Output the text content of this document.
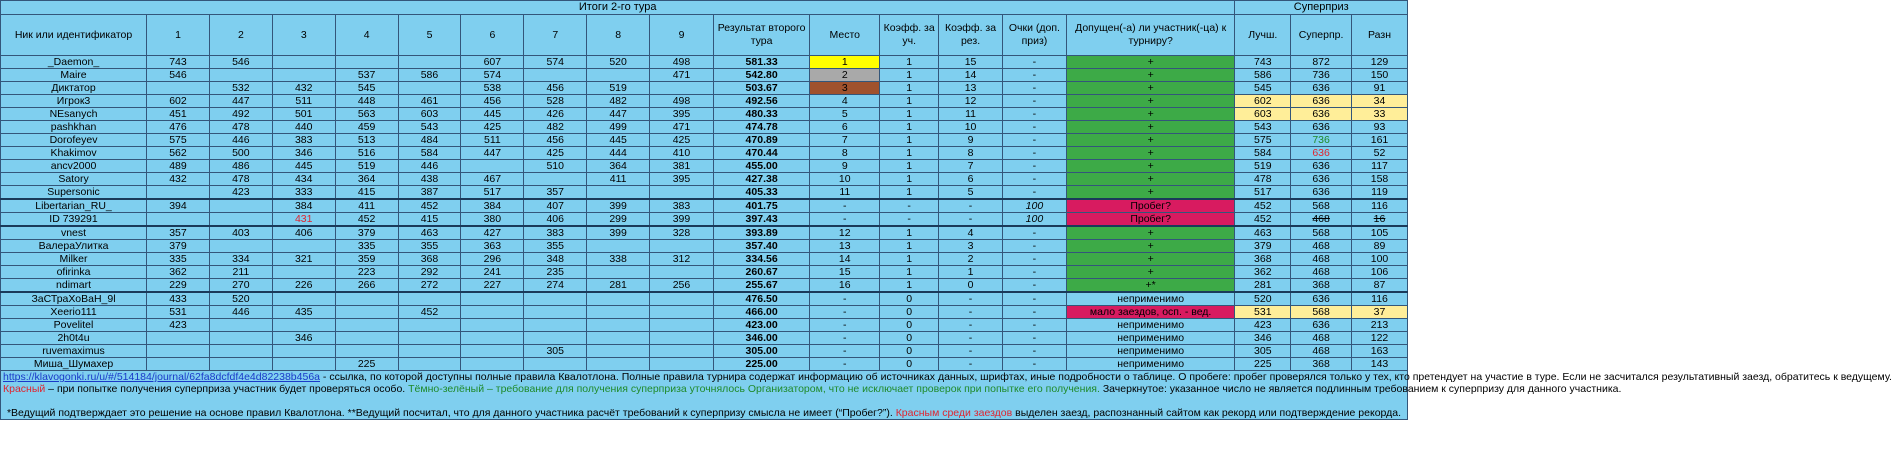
Итоги 2-го тура																Суперприз		
Ник или идентификатор	1	2	3	4	5	6	7	8	9	Результат второго тура	Место	Коэфф. за уч.	Коэфф. за рез.	Очки (доп. приз)	Допущен(-а) ли участник(-ца) к турниру?	Лучш.	Суперпр.	Разн
_Daemon_	743	546				607	574	520	498	581.33	1	1	15	-	+	743	872	129
Maire	546			537	586	574			471	542.80	2	1	14	-	+	586	736	150
Диктатор		532	432	545		538	456	519		503.67	3	1	13	-	+	545	636	91
Игрок3	602	447	511	448	461	456	528	482	498	492.56	4	1	12	-	+	602	636	34
NEsanych	451	492	501	563	603	445	426	447	395	480.33	5	1	11	-	+	603	636	33
pashkhan	476	478	440	459	543	425	482	499	471	474.78	6	1	10	-	+	543	636	93
Dorofeyev	575	446	383	513	484	511	456	445	425	470.89	7	1	9	-	+	575	736	161
Khakimov	562	500	346	516	584	447	425	444	410	470.44	8	1	8	-	+	584	636	52
ancv2000	489	486	445	519	446		510	364	381	455.00	9	1	7	-	+	519	636	117
Satory	432	478	434	364	438	467		411	395	427.38	10	1	6	-	+	478	636	158
Supersonic		423	333	415	387	517	357			405.33	11	1	5	-	+	517	636	119
Libertarian_RU_	394		384	411	452	384	407	399	383	401.75	-	-	-	100	Пробег?	452	568	116
ID 739291			431	452	415	380	406	299	399	397.43	-	-	-	100	Пробег?	452	468	16
vnest	357	403	406	379	463	427	383	399	328	393.89	12	1	4	-	+	463	568	105
ВалераУлитка	379			335	355	363	355			357.40	13	1	3	-	+	379	468	89
Milker	335	334	321	359	368	296	348	338	312	334.56	14	1	2	-	+	368	468	100
ofirinka	362	211		223	292	241	235			260.67	15	1	1	-	+	362	468	106
ndimart	229	270	226	266	272	227	274	281	256	255.67	16	1	0	-	+*	281	368	87
ЗаСТраХоВаН_9l	433	520								476.50	-	0	-	-	неприменимо	520	636	116
Xeerio111	531	446	435		452					466.00	-	0	-	-	мало заездов, осп. - вед.	531	568	37
Povelitel	423									423.00	-	0	-	-	неприменимо	423	636	213
2h0t4u			346							346.00	-	0	-	-	неприменимо	346	468	122
ruvemaximus							305			305.00	-	0	-	-	неприменимо	305	468	163
Миша_Шумахер				225						225.00	-	0	-	-	неприменимо	225	368	143

https://klavogonki.ru/u/#/514184/journal/62fa8dcfdf4e4d82238b456a - ссылка, по которой доступны полные правила Квалотлона. Полные правила турнира содержат информацию об источниках данных, шрифтах, иные подробности о таблице. О пробеге: пробег проверялся только у тех, кто претендует на участие в туре. Если не засчитался результативный заезд, обратитесь к ведущему.
Красный – при попытке получения суперприза участник будет проверяться особо. Тёмно-зелёный – требование для получения суперприза уточнялось Организатором, что не исключает проверок при попытке его получения. Зачеркнутое: указанное число не является подлинным требованием к суперпризу для данного участника.
*Ведущий подтверждает это решение на основе правил Квалотлона. **Ведущий посчитал, что для данного участника расчёт требований к суперпризу смысла не имеет (“Пробег?”). Красным среди заездов выделен заезд, распознанный сайтом как рекорд или подтверждение рекорда.																		
